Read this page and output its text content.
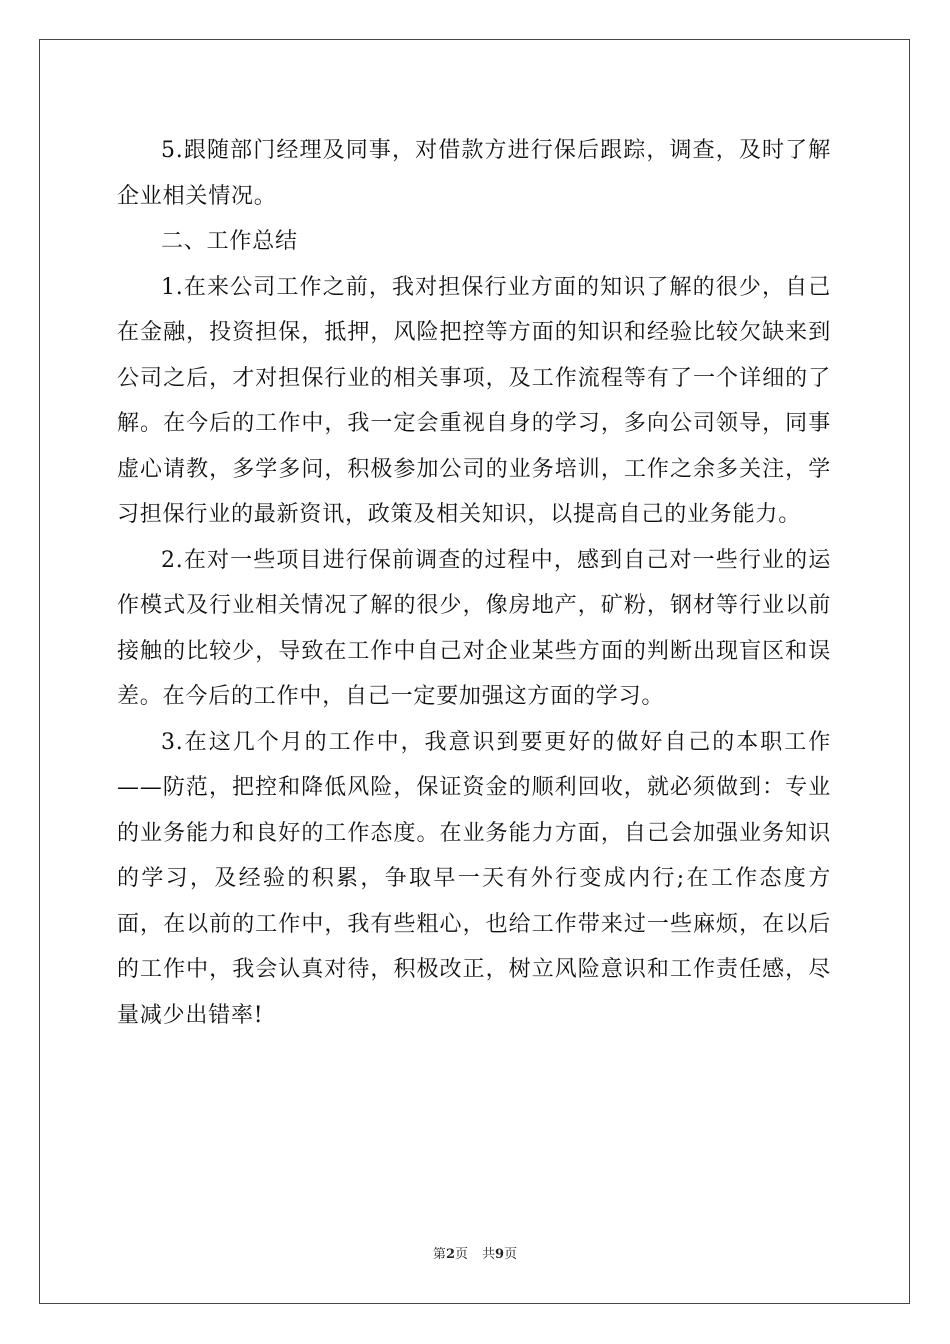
5.跟随部门经理及同事，对借款方进行保后跟踪，调查，及时了解企业相关情况。

二、工作总结

1.在来公司工作之前，我对担保行业方面的知识了解的很少，自己在金融，投资担保，抵押，风险把控等方面的知识和经验比较欠缺来到公司之后，才对担保行业的相关事项，及工作流程等有了一个详细的了解。在今后的工作中，我一定会重视自身的学习，多向公司领导，同事虚心请教，多学多问，积极参加公司的业务培训，工作之余多关注，学习担保行业的最新资讯，政策及相关知识，以提高自己的业务能力。

2.在对一些项目进行保前调查的过程中，感到自己对一些行业的运作模式及行业相关情况了解的很少，像房地产，矿粉，钢材等行业以前接触的比较少，导致在工作中自己对企业某些方面的判断出现盲区和误差。在今后的工作中，自己一定要加强这方面的学习。

3.在这几个月的工作中，我意识到要更好的做好自己的本职工作——防范，把控和降低风险，保证资金的顺利回收，就必须做到：专业的业务能力和良好的工作态度。在业务能力方面，自己会加强业务知识的学习，及经验的积累，争取早一天有外行变成内行;在工作态度方面，在以前的工作中，我有些粗心，也给工作带来过一些麻烦，在以后的工作中，我会认真对待，积极改正，树立风险意识和工作责任感，尽量减少出错率!

第2页 共9页
